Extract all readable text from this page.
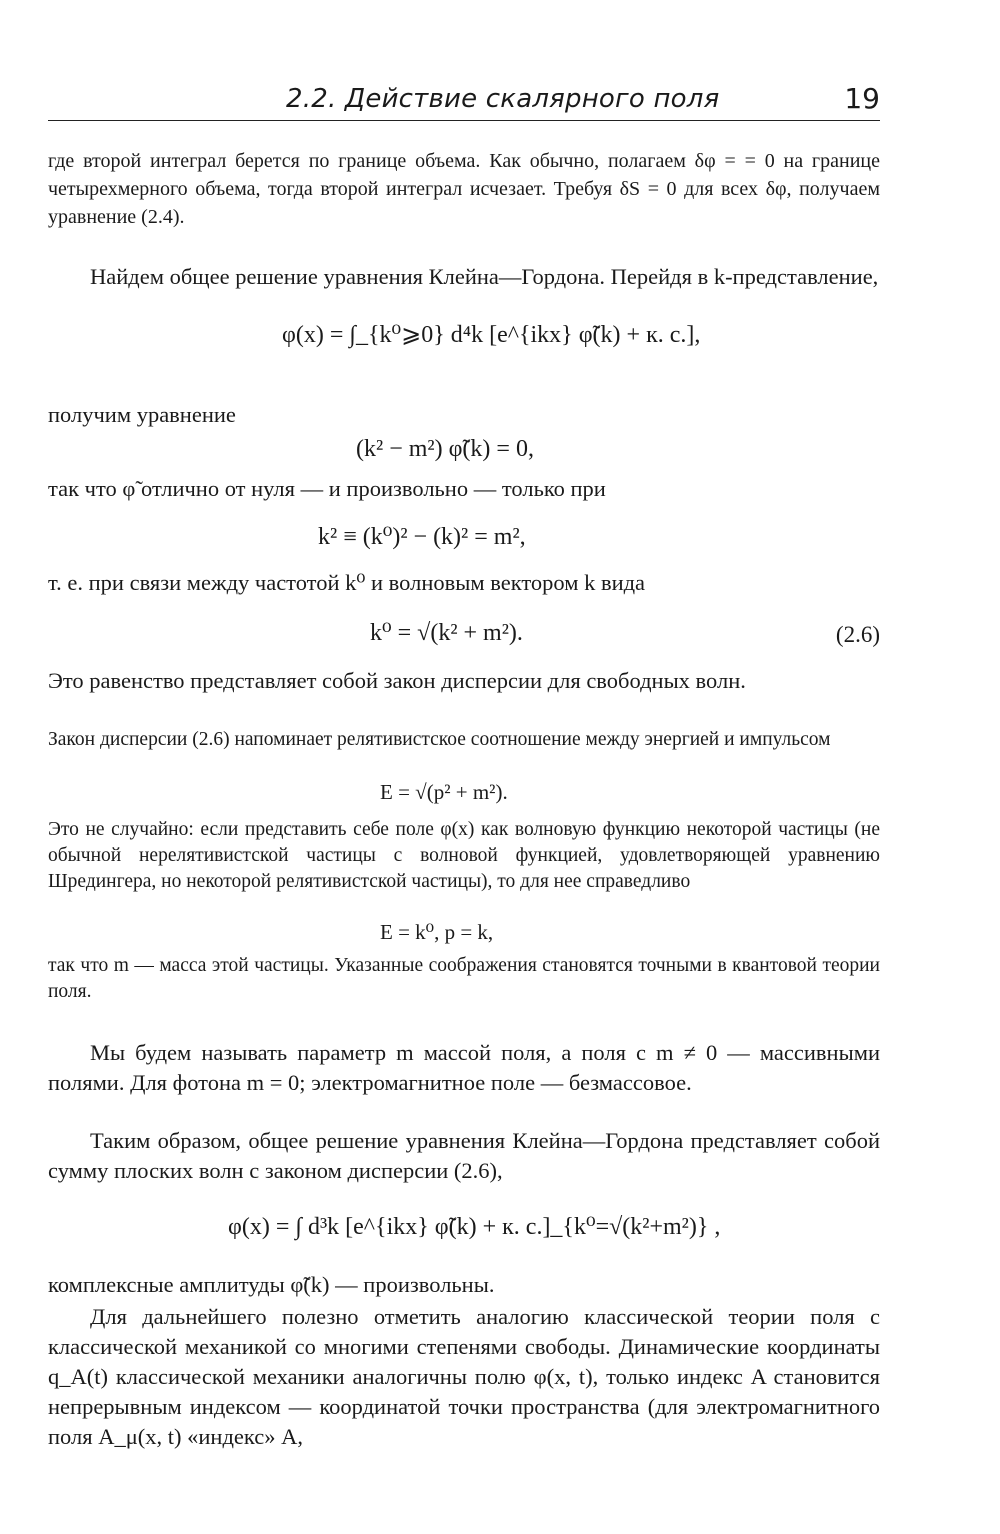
2.2. Действие скалярного поля	19

где второй интеграл берется по границе объема. Как обычно, полагаем δφ = = 0 на границе четырехмерного объема, тогда второй интеграл исчезает. Требуя δS = 0 для всех δφ, получаем уравнение (2.4).

Найдем общее решение уравнения Клейна—Гордона. Перейдя в k-представление,

φ(x) = ∫_{k⁰⩾0} d⁴k [e^{ikx} φ̃(k) + к. с.],

получим уравнение

(k² − m²) φ̃(k) = 0,

так что φ̃ отлично от нуля — и произвольно — только при

k² ≡ (k⁰)² − (k)² = m²,

т. е. при связи между частотой k⁰ и волновым вектором k вида

k⁰ = √(k² + m²).	(2.6)

Это равенство представляет собой закон дисперсии для свободных волн.

Закон дисперсии (2.6) напоминает релятивистское соотношение между энергией и импульсом

E = √(p² + m²).

Это не случайно: если представить себе поле φ(x) как волновую функцию некоторой частицы (не обычной нерелятивистской частицы с волновой функцией, удовлетворяющей уравнению Шредингера, но некоторой релятивистской частицы), то для нее справедливо

E = k⁰, p = k,

так что m — масса этой частицы. Указанные соображения становятся точными в квантовой теории поля.

Мы будем называть параметр m массой поля, а поля с m ≠ 0 — массивными полями. Для фотона m = 0; электромагнитное поле — безмассовое.

Таким образом, общее решение уравнения Клейна—Гордона представляет собой сумму плоских волн с законом дисперсии (2.6),

φ(x) = ∫ d³k [e^{ikx} φ̃(k) + к. с.]_{k⁰=√(k²+m²)} ,

комплексные амплитуды φ̃(k) — произвольны.

Для дальнейшего полезно отметить аналогию классической теории поля с классической механикой со многими степенями свободы. Динамические координаты q_A(t) классической механики аналогичны полю φ(x, t), только индекс A становится непрерывным индексом — координатой точки пространства (для электромагнитного поля A_μ(x, t) «индекс» A,
